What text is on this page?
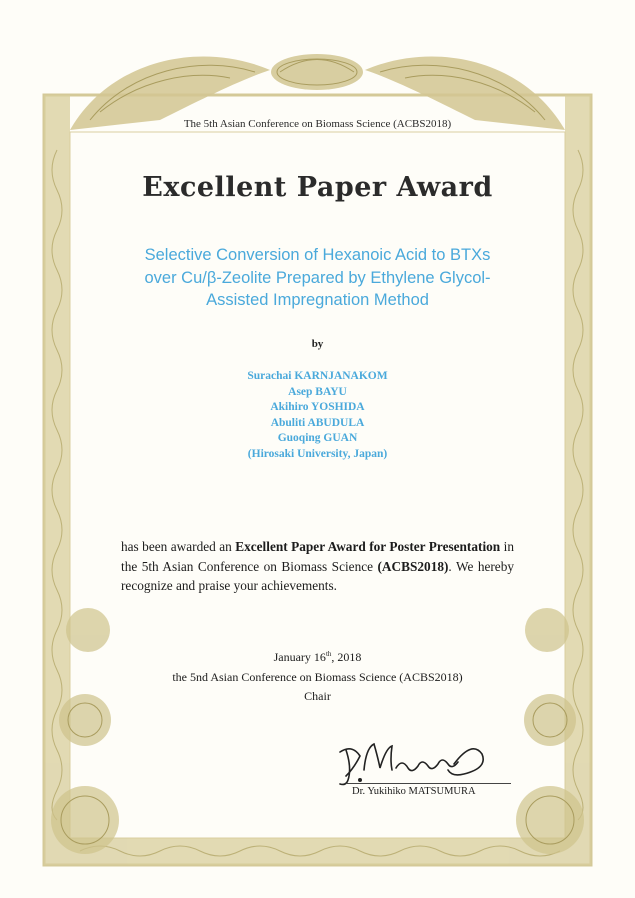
The 5th Asian Conference on Biomass Science (ACBS2018)
Excellent Paper Award
Selective Conversion of Hexanoic Acid to BTXs
over Cu/β-Zeolite Prepared by Ethylene Glycol-
Assisted Impregnation Method
by
Surachai KARNJANAKOM
Asep BAYU
Akihiro YOSHIDA
Abuliti ABUDULA
Guoqing GUAN
(Hirosaki University, Japan)
has been awarded an Excellent Paper Award for Poster Presentation in the 5th Asian Conference on Biomass Science (ACBS2018). We hereby recognize and praise your achievements.
January 16th, 2018
the 5nd Asian Conference on Biomass Science (ACBS2018)
Chair
Dr. Yukihiko MATSUMURA
